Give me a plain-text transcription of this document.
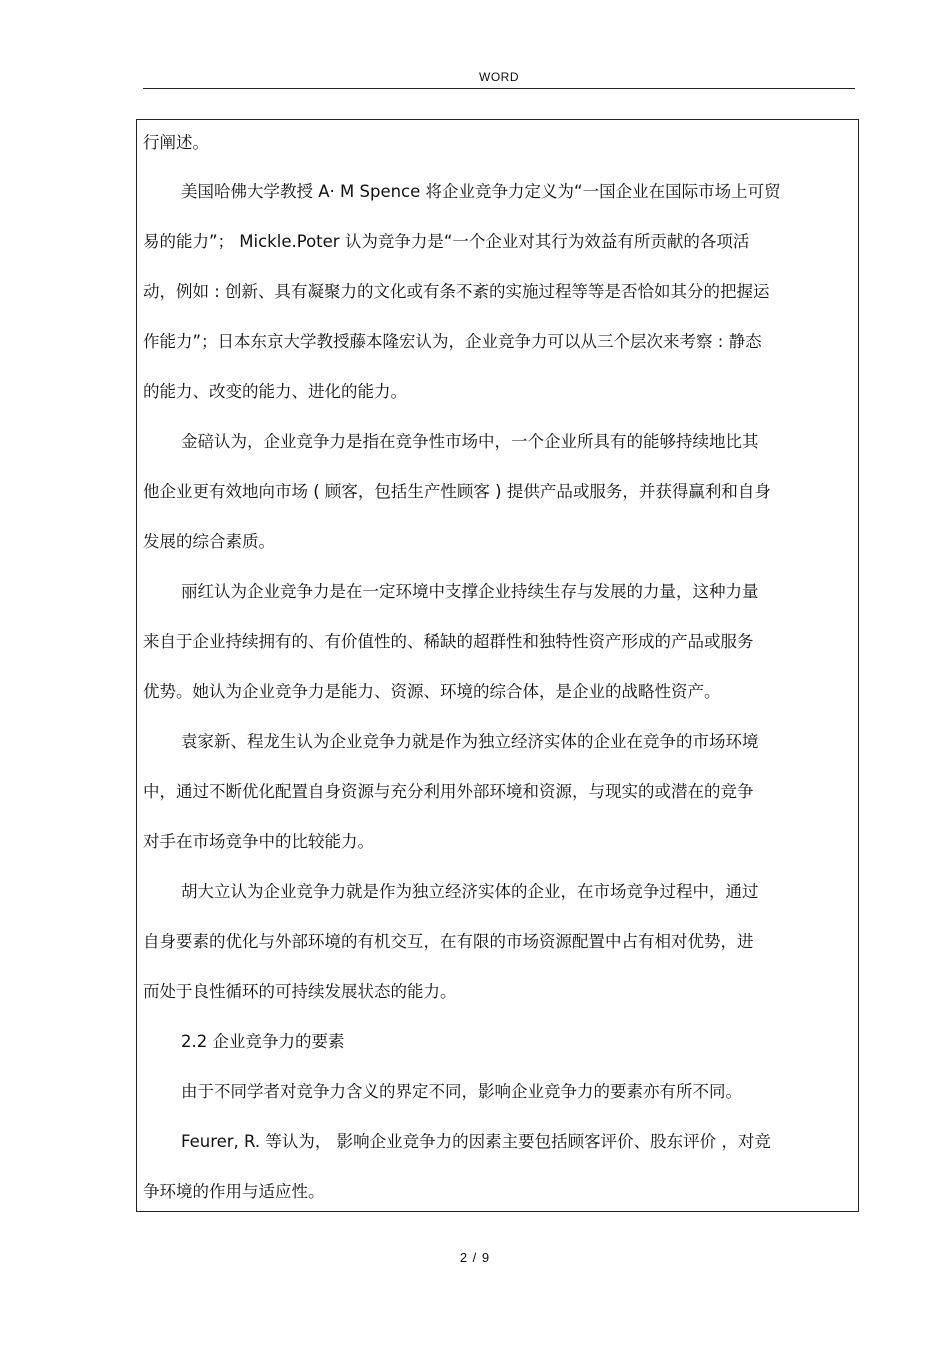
WORD
行阐述。
美国哈佛大学教授 A· M Spence 将企业竞争力定义为“一国企业在国际市场上可贸
易的能力”； Mickle.Poter 认为竞争力是“一个企业对其行为效益有所贡献的各项活
动，例如 : 创新、具有凝聚力的文化或有条不紊的实施过程等等是否恰如其分的把握运
作能力”；日本东京大学教授藤本隆宏认为，企业竞争力可以从三个层次来考察 : 静态
的能力、改变的能力、进化的能力。
金碚认为，企业竞争力是指在竞争性市场中，一个企业所具有的能够持续地比其
他企业更有效地向市场 ( 顾客，包括生产性顾客 ) 提供产品或服务，并获得赢利和自身
发展的综合素质。
丽红认为企业竞争力是在一定环境中支撑企业持续生存与发展的力量，这种力量
来自于企业持续拥有的、有价值性的、稀缺的超群性和独特性资产形成的产品或服务
优势。她认为企业竞争力是能力、资源、环境的综合体，是企业的战略性资产。
袁家新、程龙生认为企业竞争力就是作为独立经济实体的企业在竞争的市场环境
中，通过不断优化配置自身资源与充分利用外部环境和资源，与现实的或潜在的竞争
对手在市场竞争中的比较能力。
胡大立认为企业竞争力就是作为独立经济实体的企业，在市场竞争过程中，通过
自身要素的优化与外部环境的有机交互，在有限的市场资源配置中占有相对优势，进
而处于良性循环的可持续发展状态的能力。
2.2 企业竞争力的要素
由于不同学者对竞争力含义的界定不同，影响企业竞争力的要素亦有所不同。
Feurer, R. 等认为， 影响企业竞争力的因素主要包括顾客评价、股东评价 ，对竞
争环境的作用与适应性。
2 / 9
